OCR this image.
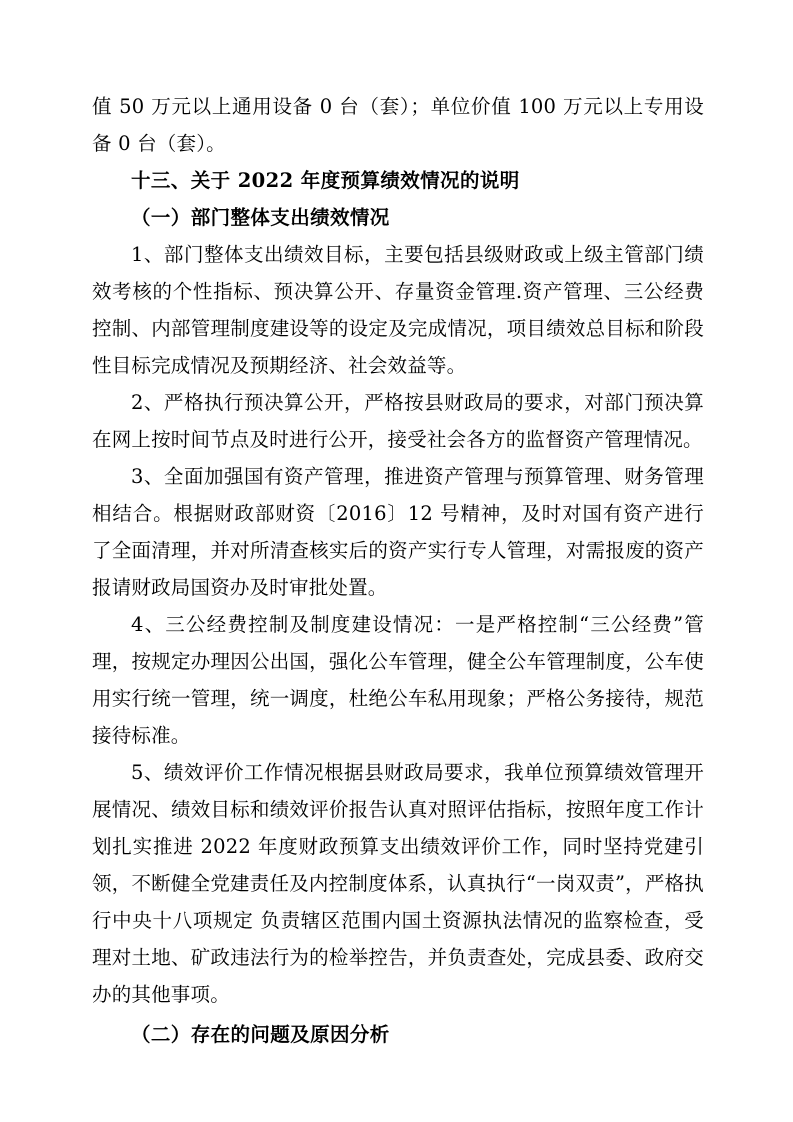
值 50 万元以上通用设备 0 台（套）；单位价值 100 万元以上专用设备 0 台（套）。

十三、关于 2022 年度预算绩效情况的说明

（一）部门整体支出绩效情况

1、部门整体支出绩效目标，主要包括县级财政或上级主管部门绩效考核的个性指标、预决算公开、存量资金管理.资产管理、三公经费控制、内部管理制度建设等的设定及完成情况，项目绩效总目标和阶段性目标完成情况及预期经济、社会效益等。

2、严格执行预决算公开，严格按县财政局的要求，对部门预决算在网上按时间节点及时进行公开，接受社会各方的监督资产管理情况。

3、全面加强国有资产管理，推进资产管理与预算管理、财务管理相结合。根据财政部财资〔2016〕12 号精神，及时对国有资产进行了全面清理，并对所清查核实后的资产实行专人管理，对需报废的资产报请财政局国资办及时审批处置。

4、三公经费控制及制度建设情况：一是严格控制“三公经费”管理，按规定办理因公出国，强化公车管理，健全公车管理制度，公车使用实行统一管理，统一调度，杜绝公车私用现象；严格公务接待，规范接待标准。

5、绩效评价工作情况根据县财政局要求，我单位预算绩效管理开展情况、绩效目标和绩效评价报告认真对照评估指标，按照年度工作计划扎实推进 2022 年度财政预算支出绩效评价工作，同时坚持党建引领，不断健全党建责任及内控制度体系，认真执行“一岗双责”，严格执行中央十八项规定 负责辖区范围内国土资源执法情况的监察检查，受理对土地、矿政违法行为的检举控告，并负责查处，完成县委、政府交办的其他事项。

（二）存在的问题及原因分析
